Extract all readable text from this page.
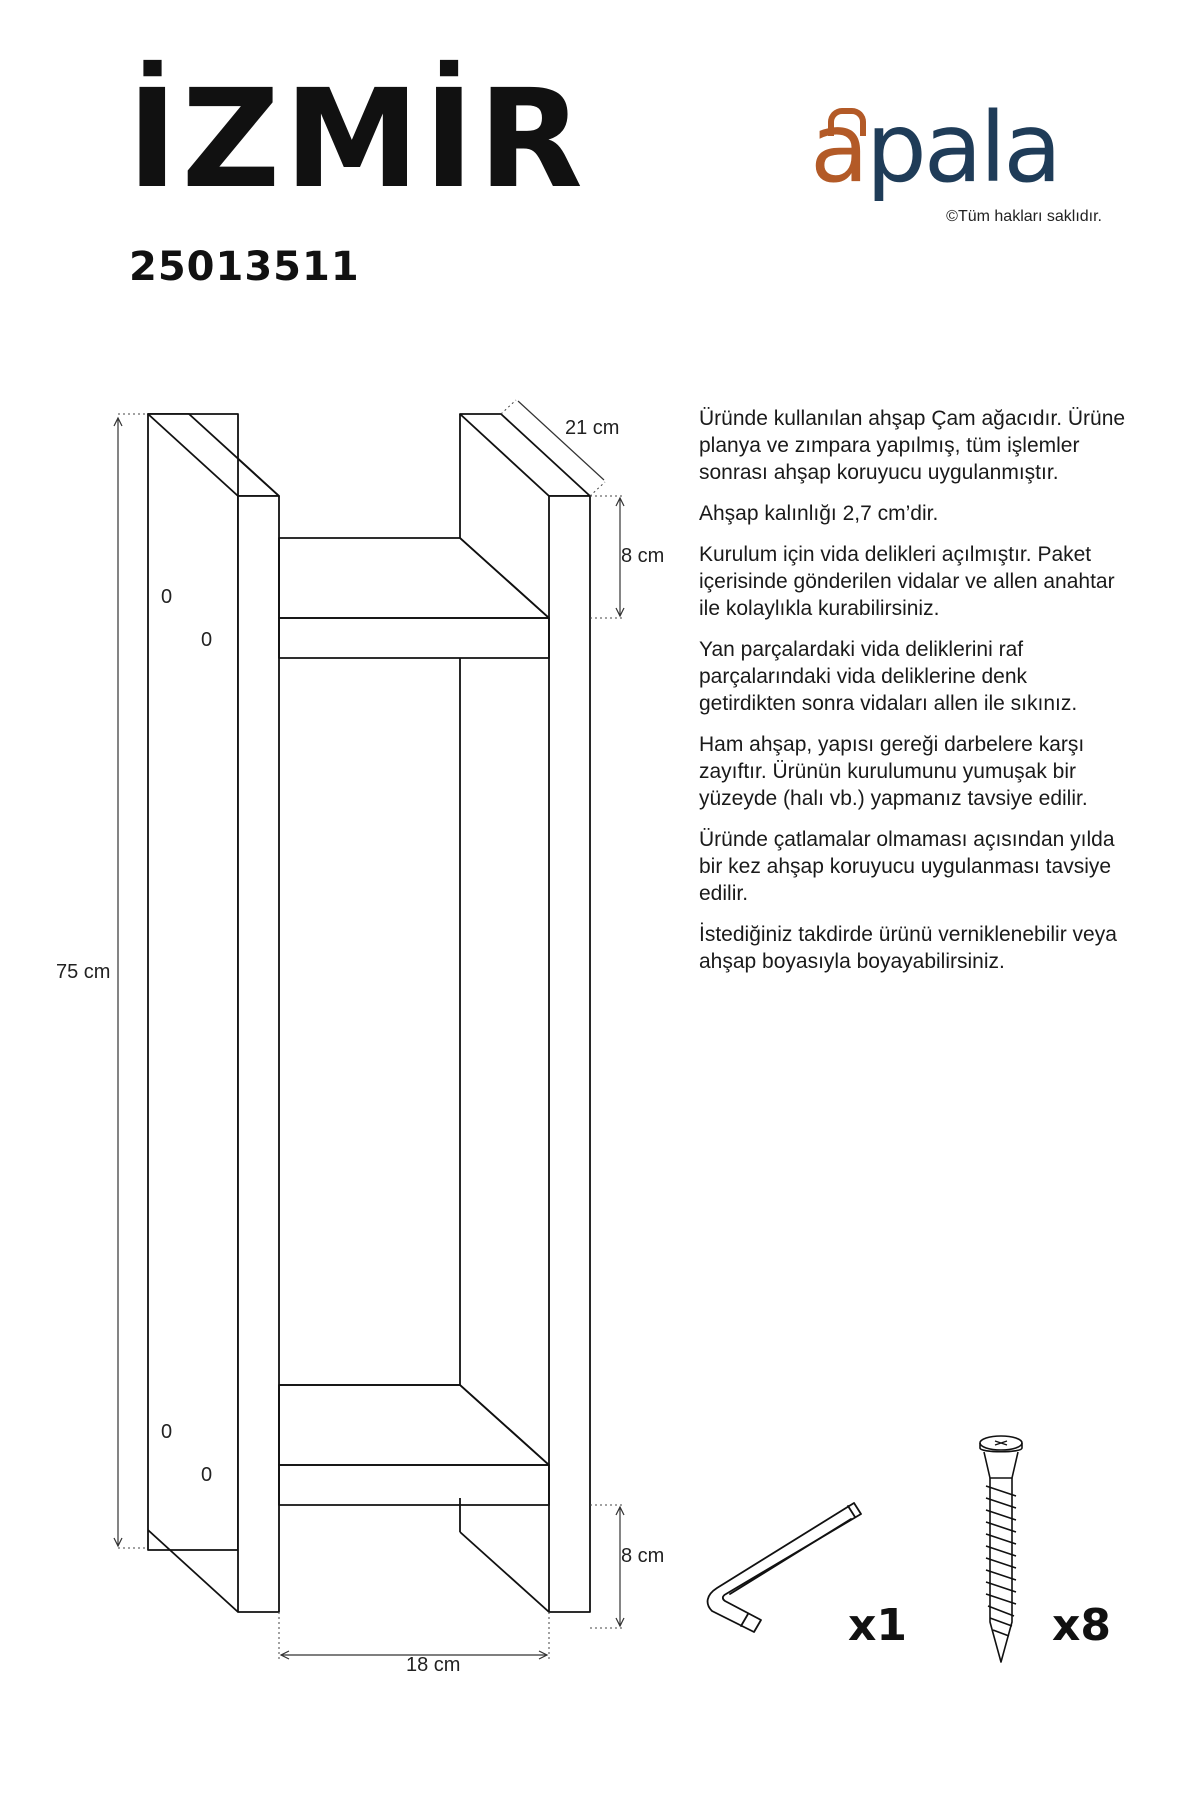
İZMİR
25013511
apala
©Tüm hakları saklıdır.
21 cm
8 cm
75 cm
8 cm
18 cm
0
0
0
0

Üründe kullanılan ahşap Çam ağacıdır. Ürüne planya ve zımpara yapılmış, tüm işlemler sonrası ahşap koruyucu uygulanmıştır.

Ahşap kalınlığı 2,7 cm’dir.

Kurulum için vida delikleri açılmıştır. Paket içerisinde gönderilen vidalar ve allen anahtar ile kolaylıkla kurabilirsiniz.

Yan parçalardaki vida deliklerini raf parçalarındaki vida deliklerine denk getirdikten sonra vidaları allen ile sıkınız.

Ham ahşap, yapısı gereği darbelere karşı zayıftır. Ürünün kurulumunu yumuşak bir yüzeyde (halı vb.) yapmanız tavsiye edilir.

Üründe çatlamalar olmaması açısından yılda bir kez ahşap koruyucu uygulanması tavsiye edilir.

İstediğiniz takdirde ürünü verniklenebilir veya ahşap boyasıyla boyayabilirsiniz.

x1	x8
